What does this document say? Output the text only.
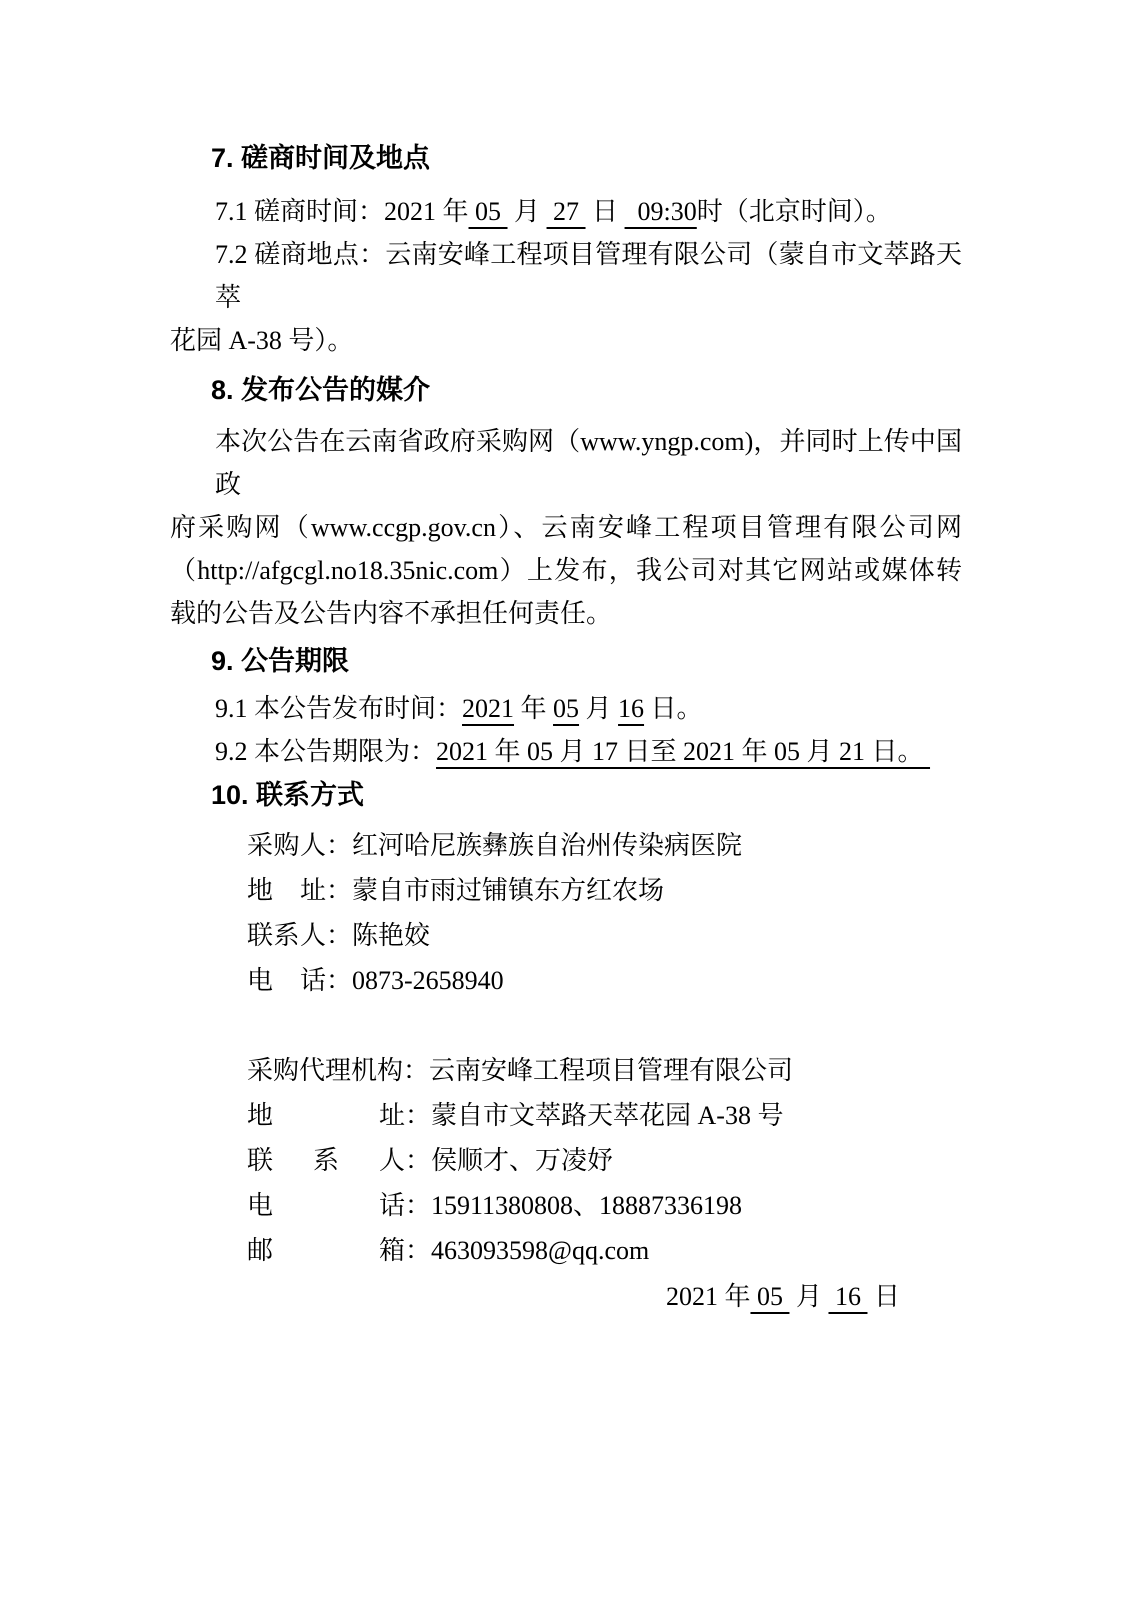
7. 磋商时间及地点
7.1 磋商时间：2021 年 05  月  27  日   09:30时（北京时间）。
7.2 磋商地点：云南安峰工程项目管理有限公司（蒙自市文萃路天萃
花园 A-38 号）。
8. 发布公告的媒介
本次公告在云南省政府采购网（www.yngp.com)，并同时上传中国政
府采购网（www.ccgp.gov.cn）、云南安峰工程项目管理有限公司网
（http://afgcgl.no18.35nic.com）上发布，我公司对其它网站或媒体转
载的公告及公告内容不承担任何责任。
9. 公告期限
9.1 本公告发布时间：2021 年 05 月 16 日。
9.2 本公告期限为：2021 年 05 月 17 日至 2021 年 05 月 21 日。
10. 联系方式
采购人：红河哈尼族彝族自治州传染病医院
地址：蒙自市雨过铺镇东方红农场
联系人：陈艳姣
电话：0873-2658940
采购代理机构：云南安峰工程项目管理有限公司
地址：蒙自市文萃路天萃花园 A-38 号
联系人：侯顺才、万凌妤
电话：15911380808、18887336198
邮箱：463093598@qq.com
2021 年 05  月  16  日
